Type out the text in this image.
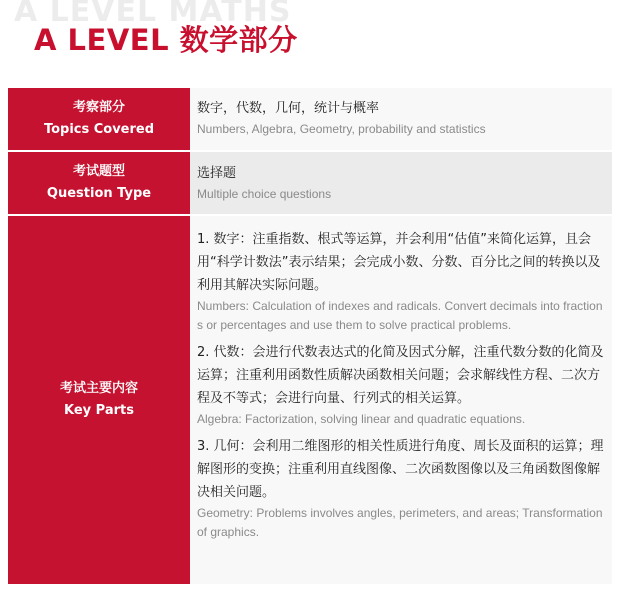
A LEVEL MATHS
A LEVEL 数学部分
考察部分
Topics Covered
数字，代数，几何，统计与概率
Numbers, Algebra, Geometry, probability and statistics
考试题型
Question Type
选择题
Multiple choice questions
考试主要内容
Key Parts
1. 数字：注重指数、根式等运算，并会利用“估值”来简化运算，且会用“科学计数法”表示结果；会完成小数、分数、百分比之间的转换以及利用其解决实际问题。
Numbers: Calculation of indexes and radicals. Convert decimals into fractions or percentages and use them to solve practical problems.
2. 代数：会进行代数表达式的化简及因式分解，注重代数分数的化简及运算；注重利用函数性质解决函数相关问题；会求解线性方程、二次方程及不等式；会进行向量、行列式的相关运算。
Algebra: Factorization, solving linear and quadratic equations.
3. 几何：会利用二维图形的相关性质进行角度、周长及面积的运算；理解图形的变换；注重利用直线图像、二次函数图像以及三角函数图像解决相关问题。
Geometry: Problems involves angles, perimeters, and areas; Transformation of graphics.
